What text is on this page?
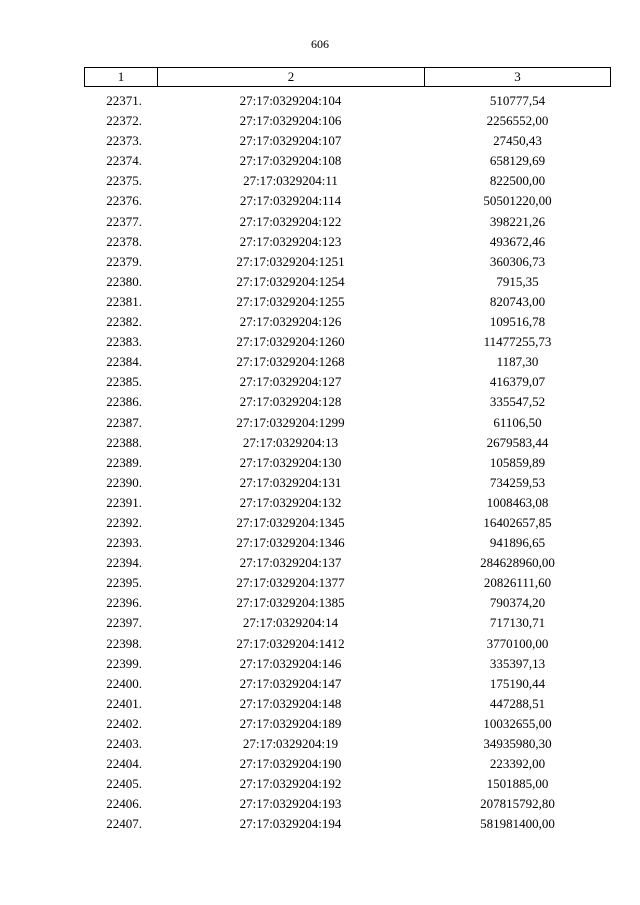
606
1	2	3
22371.	27:17:0329204:104	510777,54
22372.	27:17:0329204:106	2256552,00
22373.	27:17:0329204:107	27450,43
22374.	27:17:0329204:108	658129,69
22375.	27:17:0329204:11	822500,00
22376.	27:17:0329204:114	50501220,00
22377.	27:17:0329204:122	398221,26
22378.	27:17:0329204:123	493672,46
22379.	27:17:0329204:1251	360306,73
22380.	27:17:0329204:1254	7915,35
22381.	27:17:0329204:1255	820743,00
22382.	27:17:0329204:126	109516,78
22383.	27:17:0329204:1260	11477255,73
22384.	27:17:0329204:1268	1187,30
22385.	27:17:0329204:127	416379,07
22386.	27:17:0329204:128	335547,52
22387.	27:17:0329204:1299	61106,50
22388.	27:17:0329204:13	2679583,44
22389.	27:17:0329204:130	105859,89
22390.	27:17:0329204:131	734259,53
22391.	27:17:0329204:132	1008463,08
22392.	27:17:0329204:1345	16402657,85
22393.	27:17:0329204:1346	941896,65
22394.	27:17:0329204:137	284628960,00
22395.	27:17:0329204:1377	20826111,60
22396.	27:17:0329204:1385	790374,20
22397.	27:17:0329204:14	717130,71
22398.	27:17:0329204:1412	3770100,00
22399.	27:17:0329204:146	335397,13
22400.	27:17:0329204:147	175190,44
22401.	27:17:0329204:148	447288,51
22402.	27:17:0329204:189	10032655,00
22403.	27:17:0329204:19	34935980,30
22404.	27:17:0329204:190	223392,00
22405.	27:17:0329204:192	1501885,00
22406.	27:17:0329204:193	207815792,80
22407.	27:17:0329204:194	581981400,00
